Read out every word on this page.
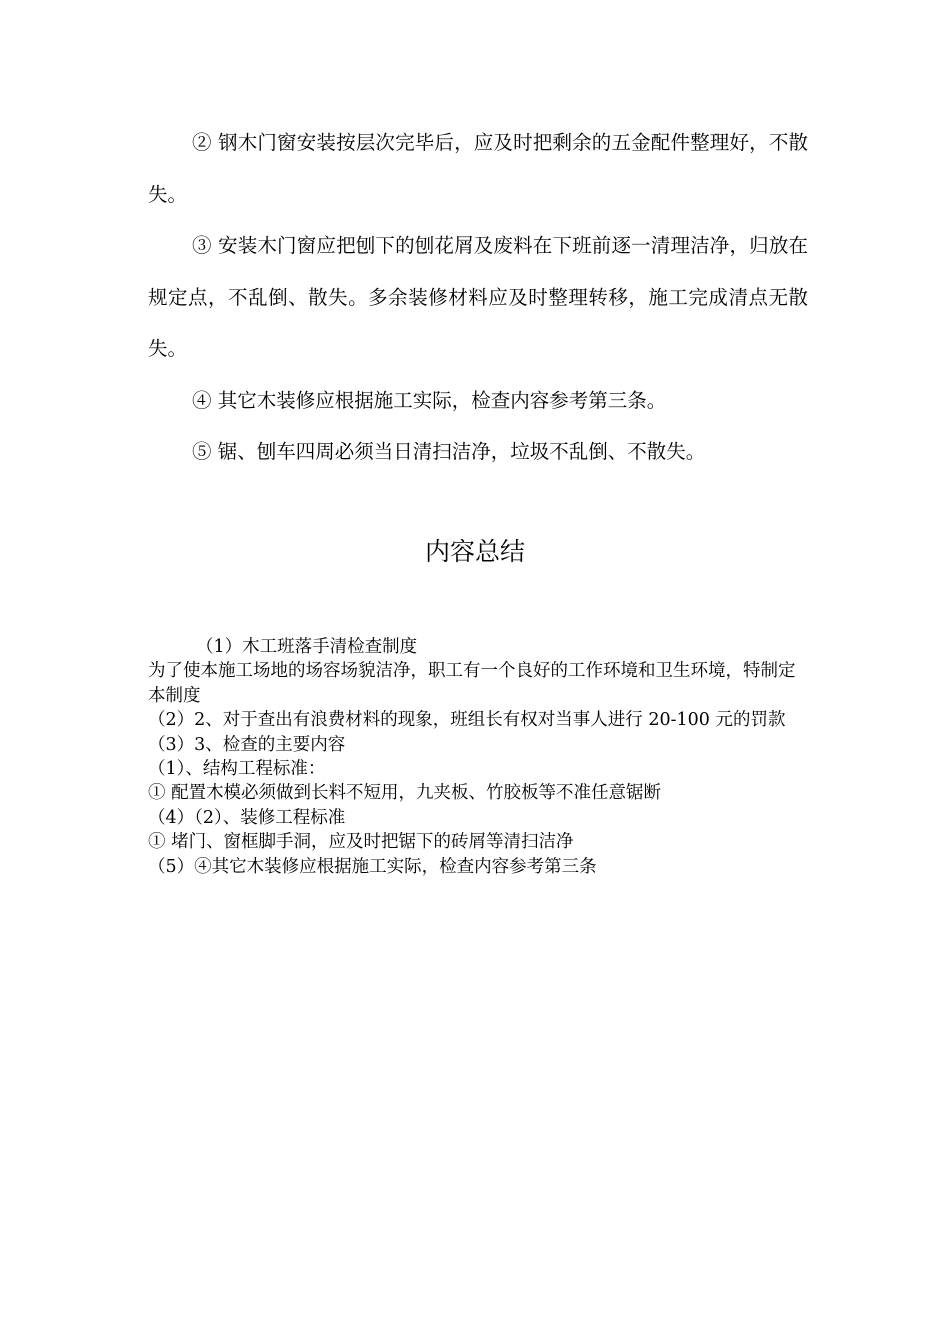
② 钢木门窗安装按层次完毕后，应及时把剩余的五金配件整理好，不散失。

③ 安装木门窗应把刨下的刨花屑及废料在下班前逐一清理洁净，归放在规定点，不乱倒、散失。多余装修材料应及时整理转移，施工完成清点无散失。

④ 其它木装修应根据施工实际，检查内容参考第三条。

⑤ 锯、刨车四周必须当日清扫洁净，垃圾不乱倒、不散失。

内容总结

（1）木工班落手清检查制度

为了使本施工场地的场容场貌洁净，职工有一个良好的工作环境和卫生环境，特制定本制度

（2）2、对于查出有浪费材料的现象，班组长有权对当事人进行 20-100 元的罚款

（3）3、检查的主要内容

（1）、结构工程标准：

① 配置木模必须做到长料不短用，九夹板、竹胶板等不准任意锯断

（4）（2）、装修工程标准

① 堵门、窗框脚手洞，应及时把锯下的砖屑等清扫洁净

（5）④其它木装修应根据施工实际，检查内容参考第三条
